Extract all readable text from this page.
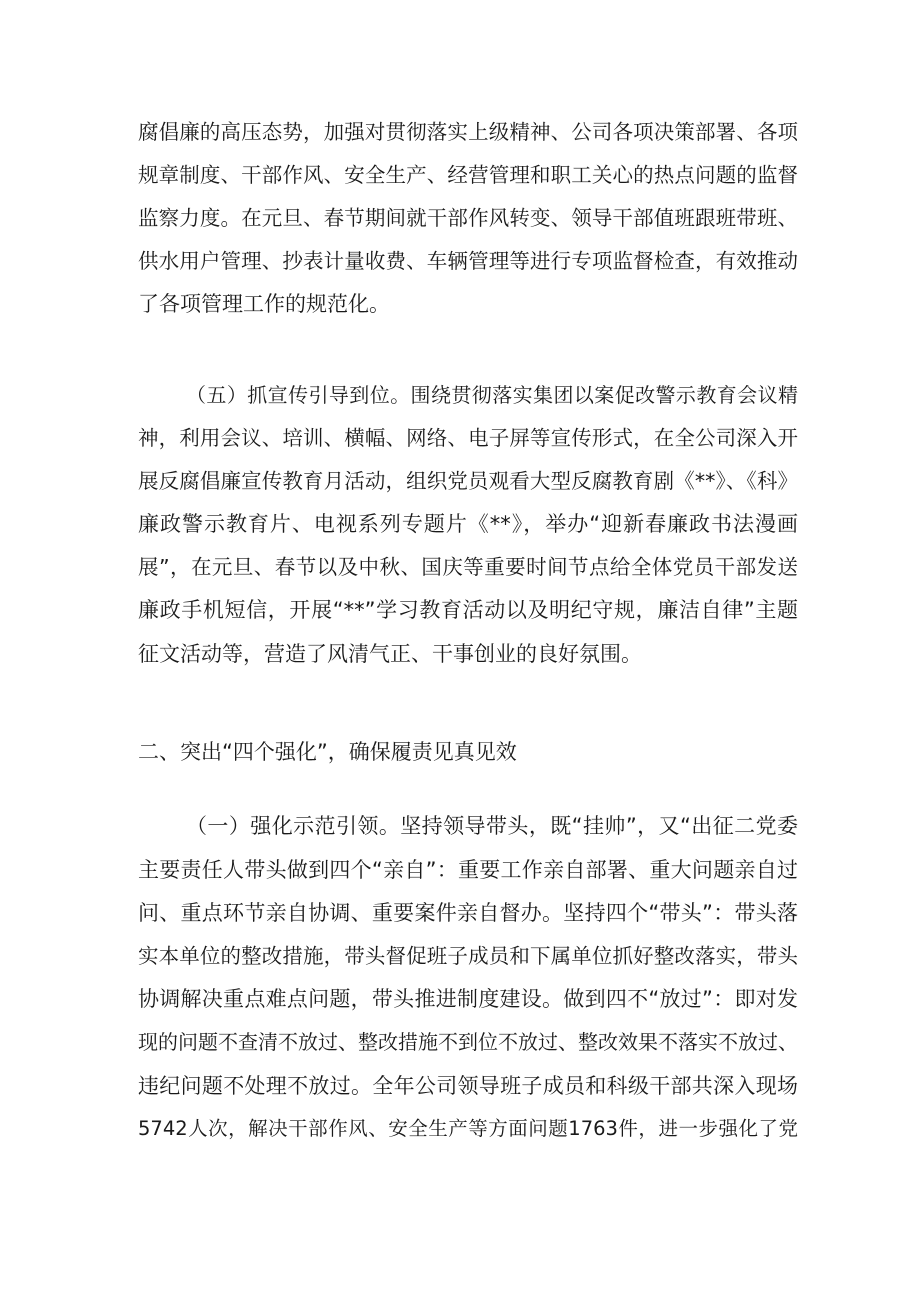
腐倡廉的高压态势，加强对贯彻落实上级精神、公司各项决策部署、各项
规章制度、干部作风、安全生产、经营管理和职工关心的热点问题的监督
监察力度。在元旦、春节期间就干部作风转变、领导干部值班跟班带班、
供水用户管理、抄表计量收费、车辆管理等进行专项监督检查，有效推动
了各项管理工作的规范化。
（五）抓宣传引导到位。围绕贯彻落实集团以案促改警示教育会议精
神，利用会议、培训、横幅、网络、电子屏等宣传形式，在全公司深入开
展反腐倡廉宣传教育月活动，组织党员观看大型反腐教育剧《**》、《科》
廉政警示教育片、电视系列专题片《**》，举办“迎新春廉政书法漫画
展”，在元旦、春节以及中秋、国庆等重要时间节点给全体党员干部发送
廉政手机短信，开展“**”学习教育活动以及明纪守规，廉洁自律”主题
征文活动等，营造了风清气正、干事创业的良好氛围。
二、突出“四个强化”，确保履责见真见效
（一）强化示范引领。坚持领导带头，既“挂帅”，又“出征二党委
主要责任人带头做到四个“亲自”：重要工作亲自部署、重大问题亲自过
问、重点环节亲自协调、重要案件亲自督办。坚持四个“带头”：带头落
实本单位的整改措施，带头督促班子成员和下属单位抓好整改落实，带头
协调解决重点难点问题，带头推进制度建设。做到四不“放过”：即对发
现的问题不查清不放过、整改措施不到位不放过、整改效果不落实不放过、
违纪问题不处理不放过。全年公司领导班子成员和科级干部共深入现场
5742人次，解决干部作风、安全生产等方面问题1763件，进一步强化了党
